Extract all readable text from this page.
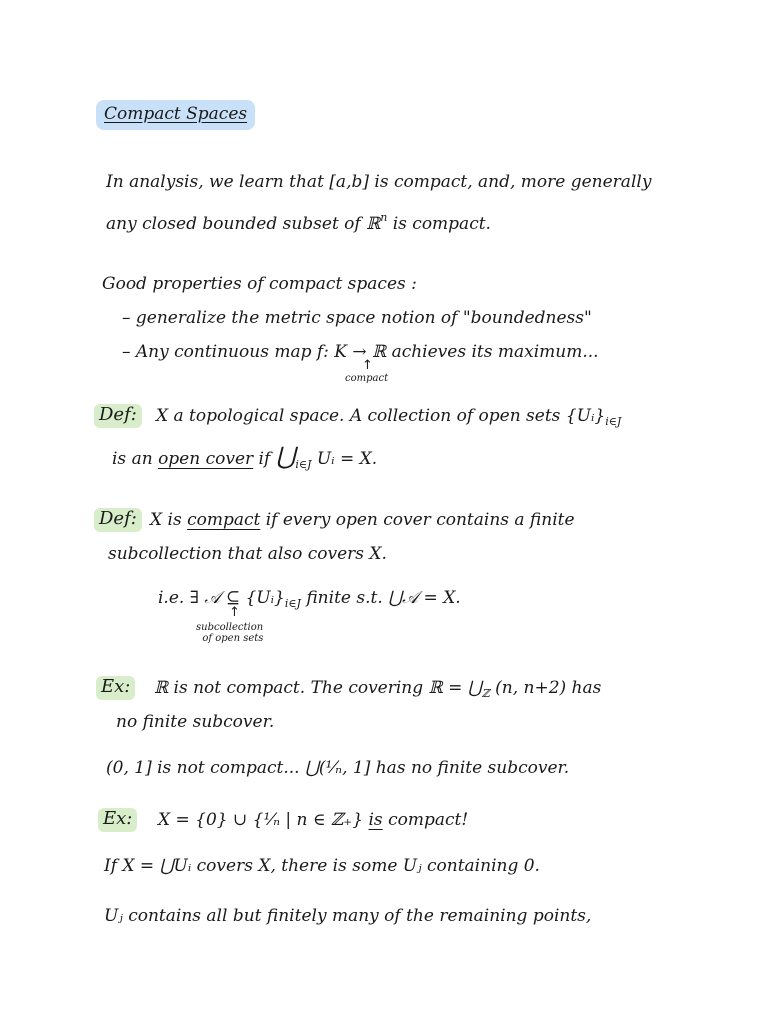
Compact Spaces
In analysis, we learn that [a,b] is compact, and, more generally
any closed bounded subset of ℝ$^n$ is compact.
Good properties of compact spaces :
– generalize the metric space notion of "boundedness"
– Any continuous map f: K → ℝ achieves its maximum...
↑
compact
Def: X a topological space. A collection of open sets $\{Uᵢ\}_{i\in J}$
is an open cover if $⋃_{i\in J}$ Uᵢ = X.
Def: X is compact if every open cover contains a finite
subcollection that also covers X.
i.e. ∃ 𝒜 ⊆ $\{Uᵢ\}_{i\in J}$ finite s.t. ⋃𝒜 = X.
↑
subcollection
of open sets
Ex: ℝ is not compact. The covering ℝ = $⋃_ℤ$ (n, n+2) has
no finite subcover.
(0, 1] is not compact... ⋃(¹⁄ₙ, 1] has no finite subcover.
Ex: X = {0} ∪ {¹⁄ₙ | n ∈ ℤ₊} is compact!
If X = ⋃Uᵢ covers X, there is some Uⱼ containing 0.
Uⱼ contains all but finitely many of the remaining points,
